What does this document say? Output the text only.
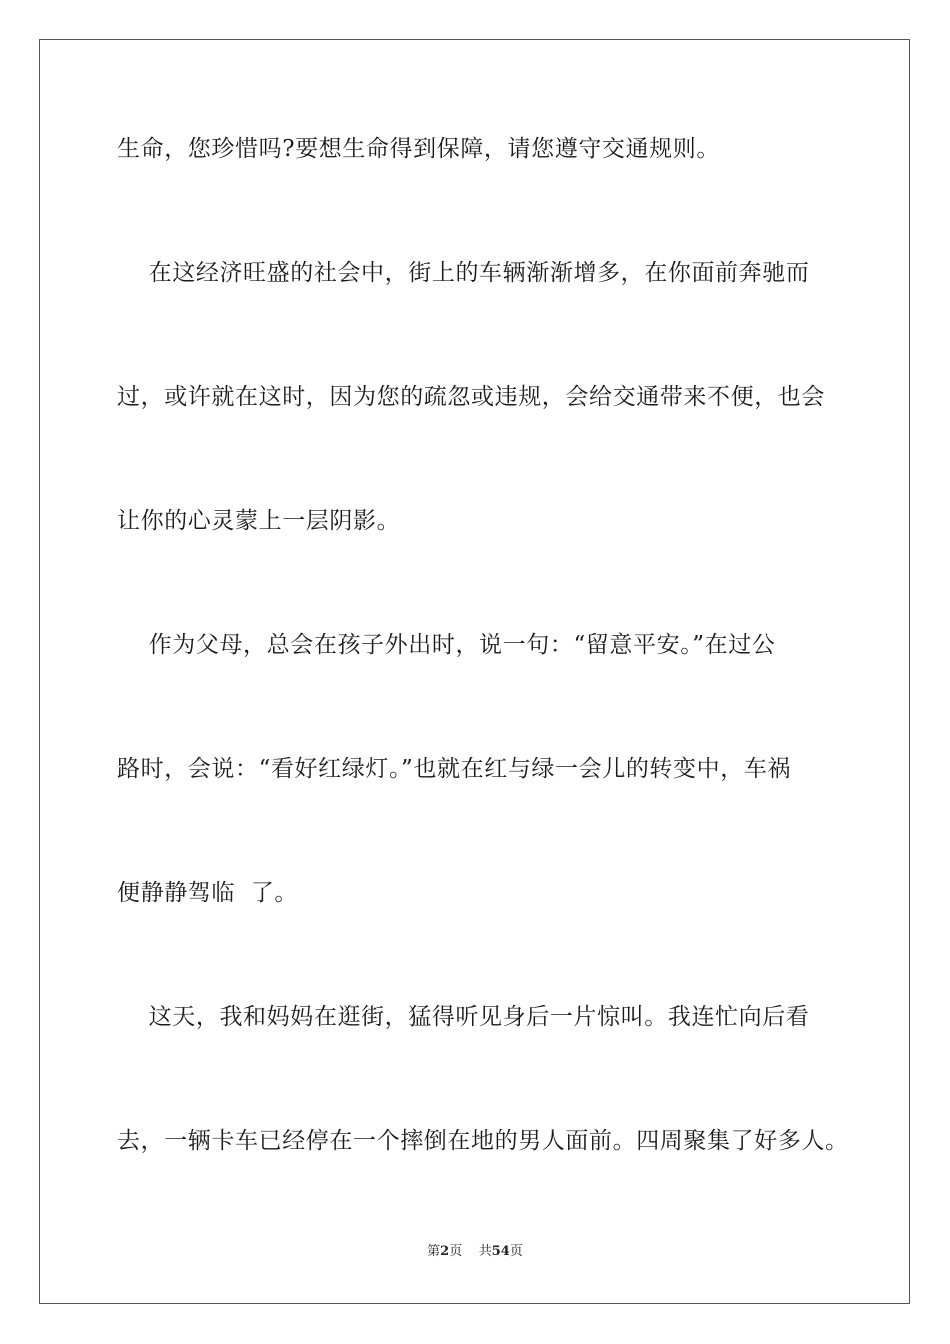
生命，您珍惜吗?要想生命得到保障，请您遵守交通规则。
在这经济旺盛的社会中，街上的车辆渐渐增多，在你面前奔驰而
过，或许就在这时，因为您的疏忽或违规，会给交通带来不便，也会
让你的心灵蒙上一层阴影。
作为父母，总会在孩子外出时，说一句：“留意平安。”在过公
路时，会说：“看好红绿灯。”也就在红与绿一会儿的转变中，车祸
便静静驾临  了。
这天，我和妈妈在逛街，猛得听见身后一片惊叫。我连忙向后看
去，一辆卡车已经停在一个摔倒在地的男人面前。四周聚集了好多人。
第2页 共54页
